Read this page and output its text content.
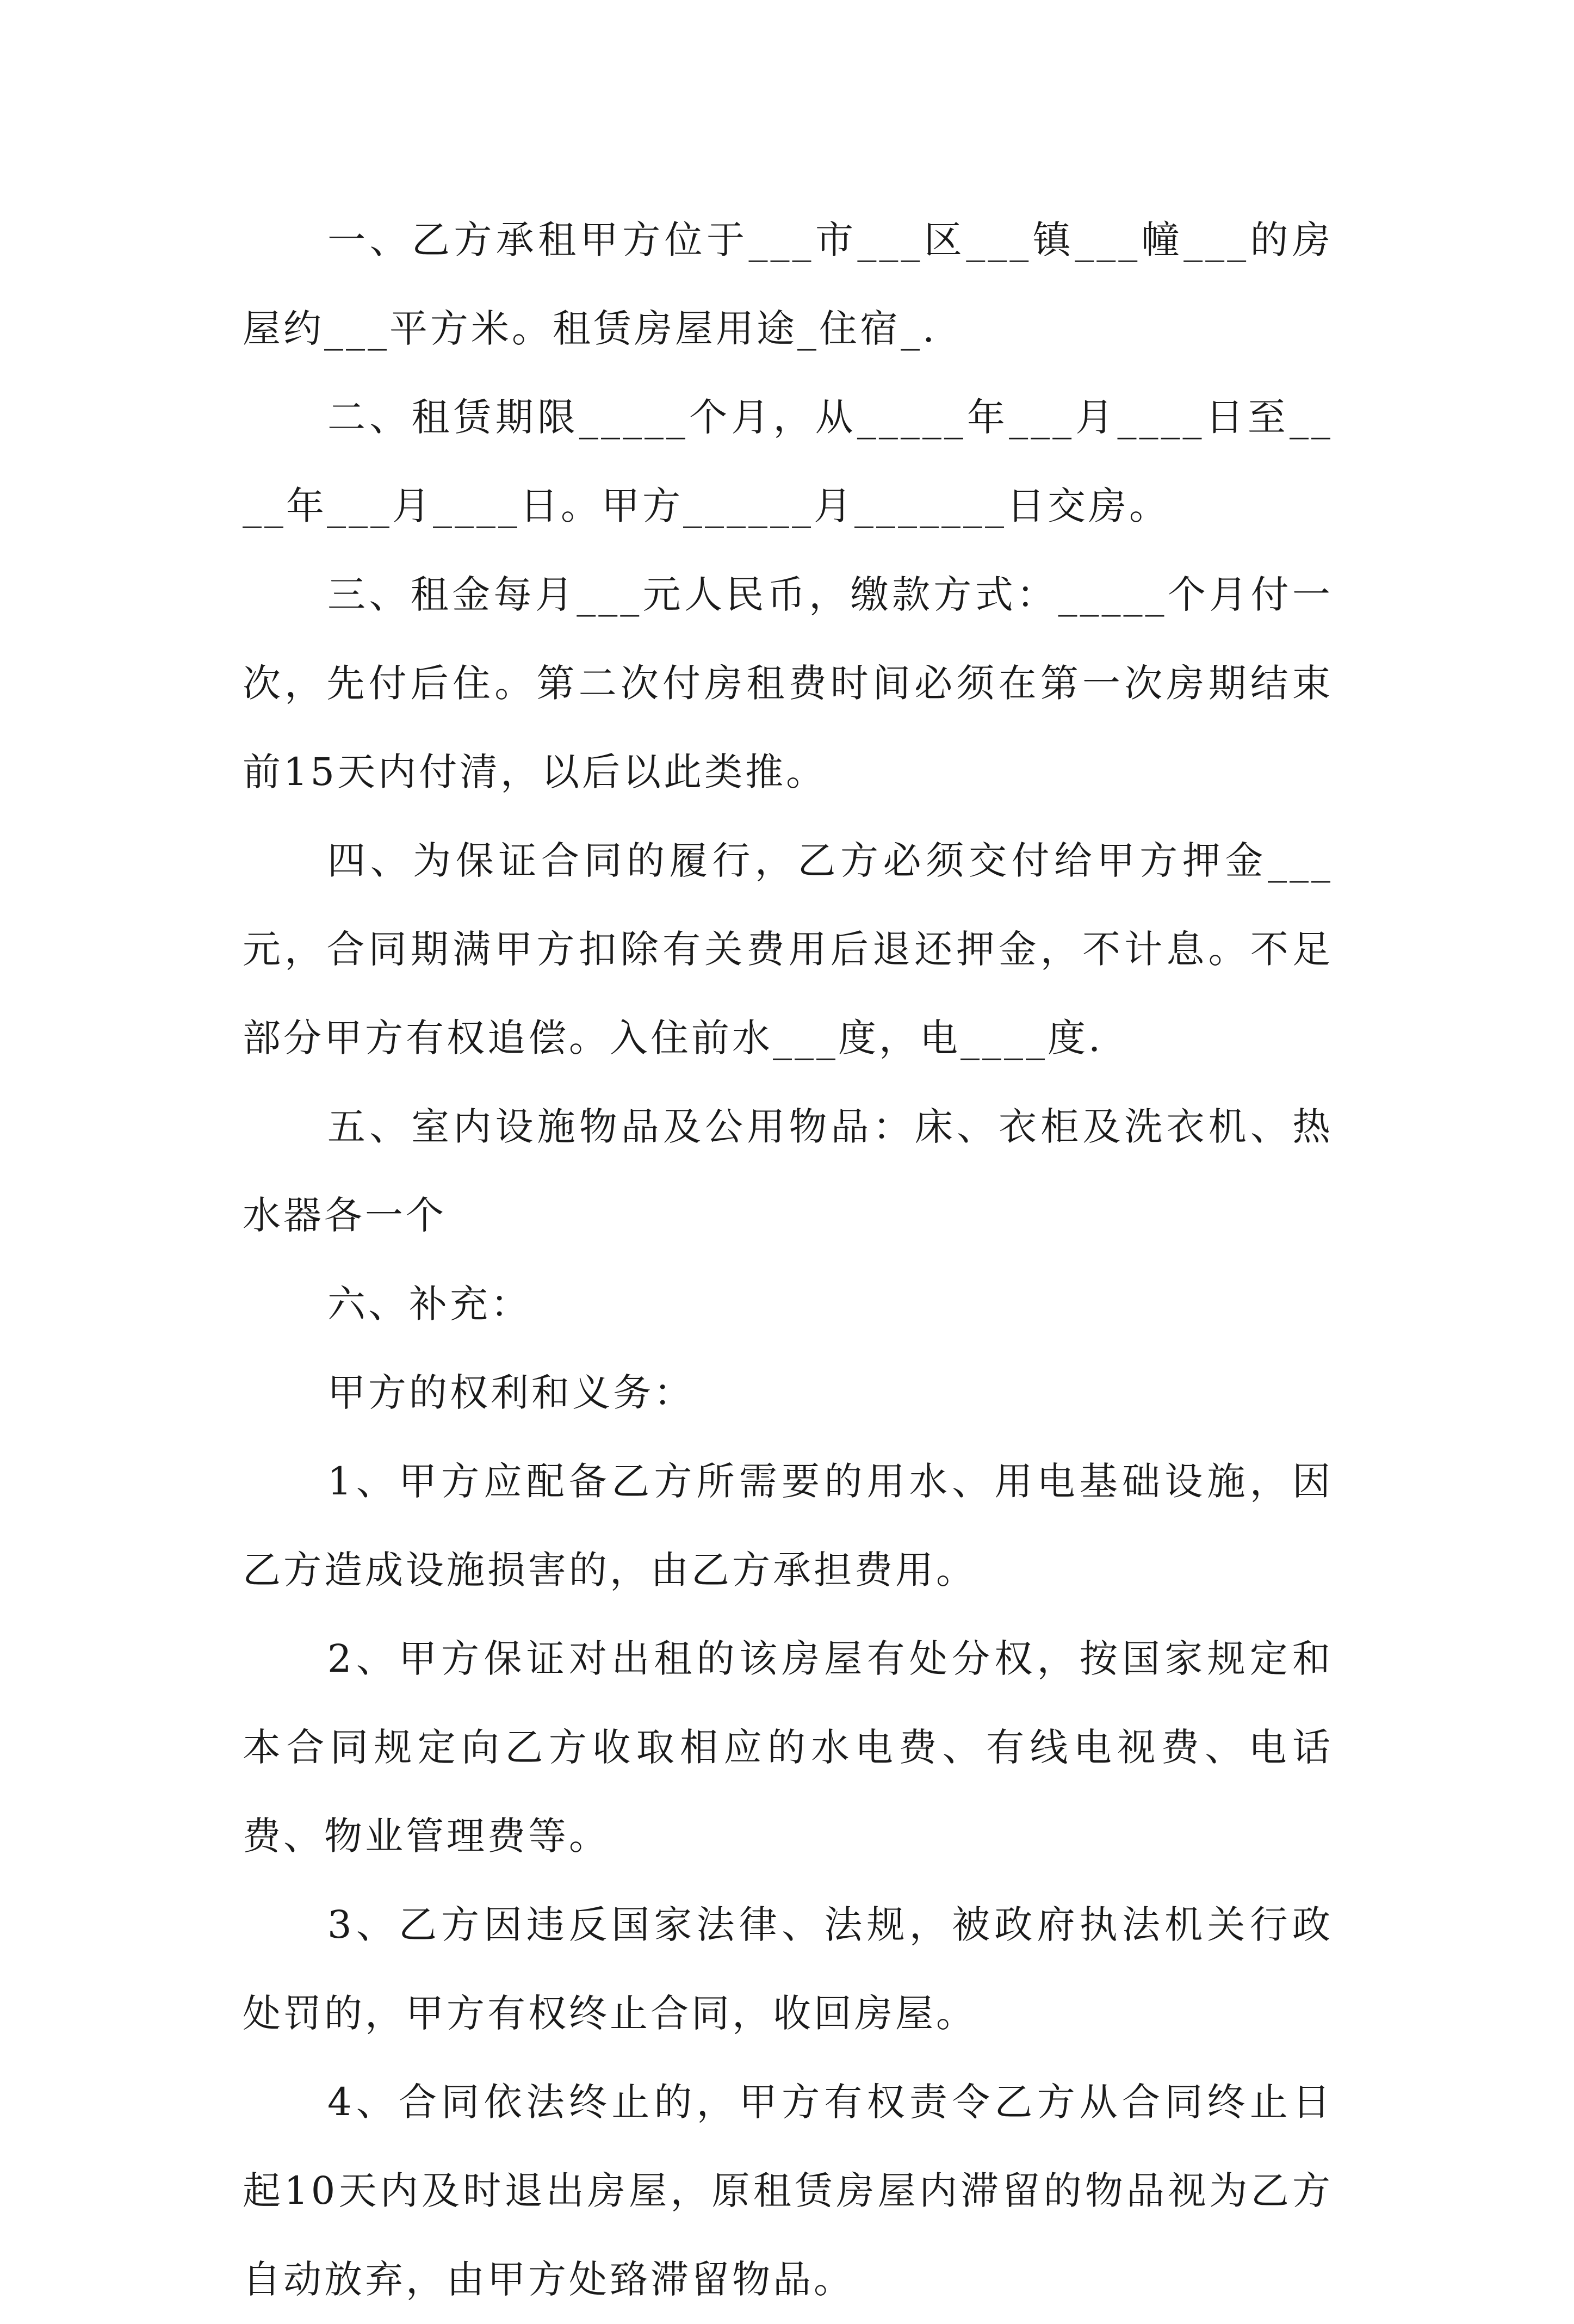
一、乙方承租甲方位于___市___区___镇___幢___的房屋约___平方米。租赁房屋用途_住宿_.

二、租赁期限_____个月，从_____年___月____日至____年___月____日。甲方______月_______日交房。

三、租金每月___元人民币，缴款方式：_____个月付一次，先付后住。第二次付房租费时间必须在第一次房期结束前15天内付清，以后以此类推。

四、为保证合同的履行，乙方必须交付给甲方押金___元，合同期满甲方扣除有关费用后退还押金，不计息。不足部分甲方有权追偿。入住前水___度，电____度.

五、室内设施物品及公用物品：床、衣柜及洗衣机、热水器各一个

六、补充：

甲方的权利和义务：

1、甲方应配备乙方所需要的用水、用电基础设施，因乙方造成设施损害的，由乙方承担费用。

2、甲方保证对出租的该房屋有处分权，按国家规定和本合同规定向乙方收取相应的水电费、有线电视费、电话费、物业管理费等。

3、乙方因违反国家法律、法规，被政府执法机关行政处罚的，甲方有权终止合同，收回房屋。

4、合同依法终止的，甲方有权责令乙方从合同终止日起10天内及时退出房屋，原租赁房屋内滞留的物品视为乙方自动放弃，由甲方处臵滞留物品。
